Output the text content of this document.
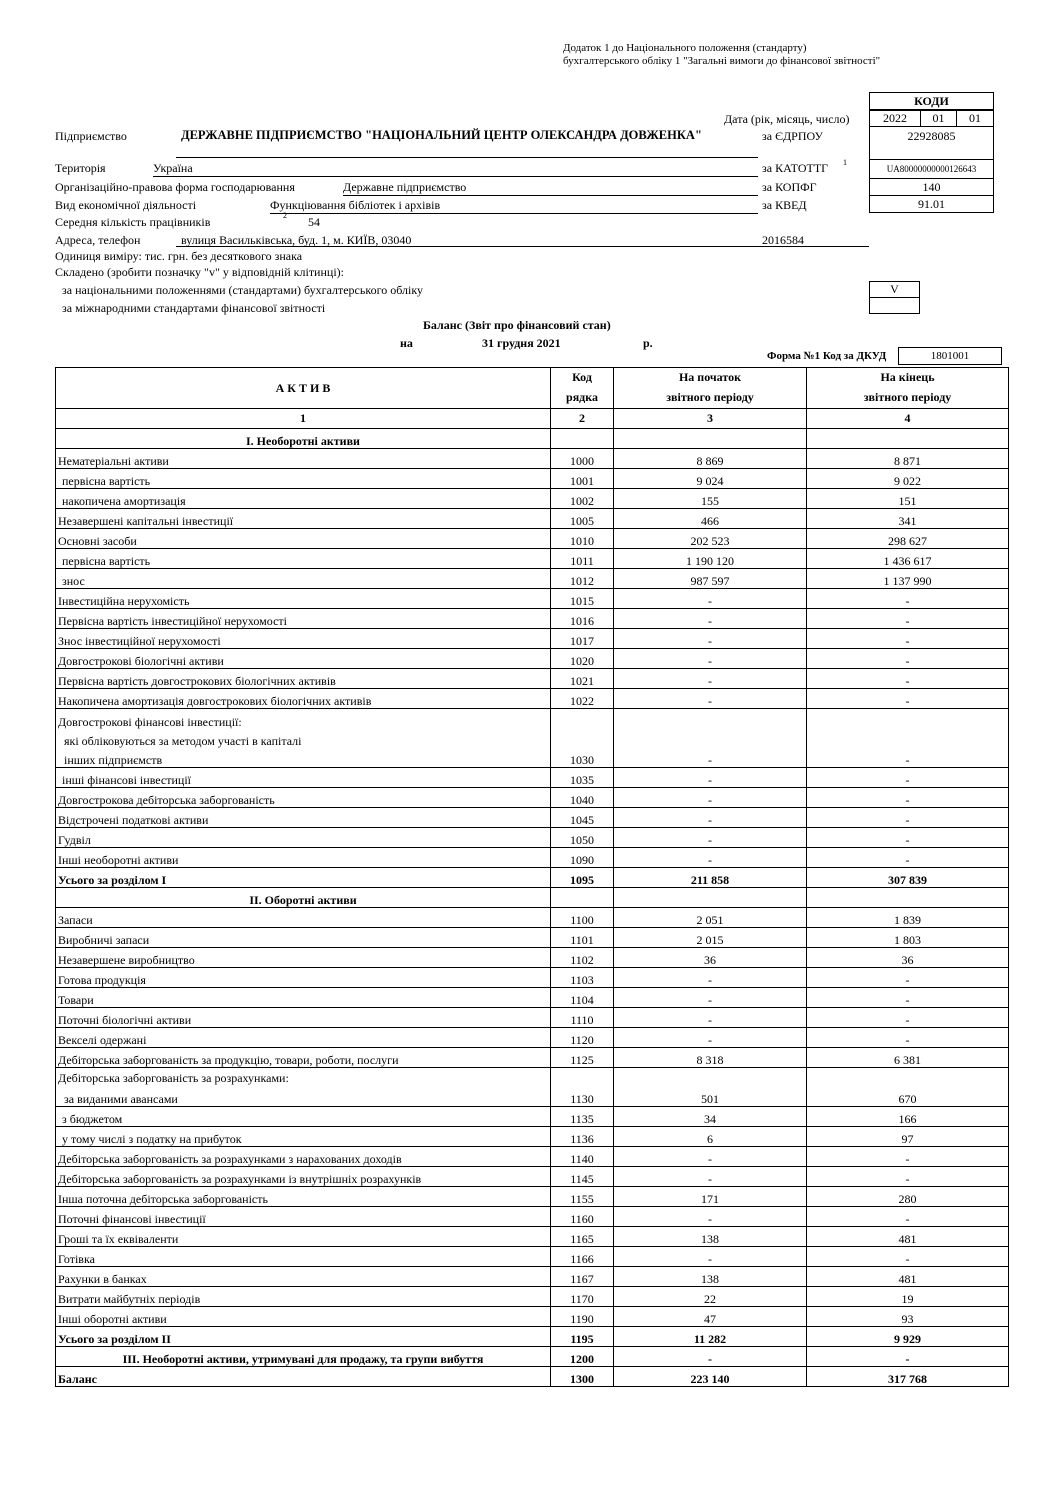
Додаток 1 до Національного положення (стандарту)
бухгалтерського обліку 1 "Загальні вимоги до фінансової звітності"
КОДИ
Дата (рік, місяць, число)	2022	01	01
за ЄДРПОУ	22928085
за КАТОТТГ 1
UA80000000000126643
за КОПФГ	140
за КВЕД	91.01
Підприємство	ДЕРЖАВНЕ ПІДПРИЄМСТВО "НАЦІОНАЛЬНИЙ ЦЕНТР ОЛЕКСАНДРА ДОВЖЕНКА"
Територія	Україна
Організаційно-правова форма господарювання	Державне підприємство
Вид економічної діяльності	Функціювання бібліотек і архівів
Середня кількість працівників	2 54
Адреса, телефон	вулиця Васильківська, буд. 1, м. КИЇВ, 03040	2016584
Одиниця виміру: тис. грн. без десяткового знака
Складено (зробити позначку "v" у відповідній клітинці):
за національними положеннями (стандартами) бухгалтерського обліку	V
за міжнародними стандартами фінансової звітності
Баланс (Звіт про фінансовий стан)
на	31 грудня 2021	р.
Форма №1 Код за ДКУД	1801001
А К Т И В	Код	На початок	На кінець
	рядка	звітного періоду	звітного періоду
1	2	3	4
I. Необоротні активи			
Нематеріальні активи	1000	8 869	8 871
первісна вартість	1001	9 024	9 022
накопичена амортизація	1002	155	151
Незавершені капітальні інвестиції	1005	466	341
Основні засоби	1010	202 523	298 627
первісна вартість	1011	1 190 120	1 436 617
знос	1012	987 597	1 137 990
Інвестиційна нерухомість	1015	-	-
Первісна вартість інвестиційної нерухомості	1016	-	-
Знос інвестиційної нерухомості	1017	-	-
Довгострокові біологічні активи	1020	-	-
Первісна вартість довгострокових біологічних активів	1021	-	-
Накопичена амортизація довгострокових біологічних активів	1022	-	-

Довгострокові фінансові інвестиції:
які обліковуються за методом участі в капіталі
інших підприємств	1030	-	-
інші фінансові інвестиції	1035	-	-
Довгострокова дебіторська заборгованість	1040	-	-
Відстрочені податкові активи	1045	-	-
Гудвіл	1050	-	-
Інші необоротні активи	1090	-	-
Усього за розділом I	1095	211 858	307 839
II. Оборотні активи			
Запаси	1100	2 051	1 839
Виробничі запаси	1101	2 015	1 803
Незавершене виробництво	1102	36	36
Готова продукція	1103	-	-
Товари	1104	-	-
Поточні біологічні активи	1110	-	-
Векселі одержані	1120	-	-
Дебіторська заборгованість за продукцію, товари, роботи, послуги	1125	8 318	6 381

Дебіторська заборгованість за розрахунками:
за виданими авансами	1130	501	670
з бюджетом	1135	34	166
у тому числі з податку на прибуток	1136	6	97
Дебіторська заборгованість за розрахунками з нарахованих доходів	1140	-	-
Дебіторська заборгованість за розрахунками із внутрішніх розрахунків	1145	-	-
Інша поточна дебіторська заборгованість	1155	171	280
Поточні фінансові інвестиції	1160	-	-
Гроші та їх еквіваленти	1165	138	481
Готівка	1166	-	-
Рахунки в банках	1167	138	481
Витрати майбутніх періодів	1170	22	19
Інші оборотні активи	1190	47	93
Усього за розділом II	1195	11 282	9 929
III. Необоротні активи, утримувані для продажу, та групи вибуття	1200	-	-
Баланс	1300	223 140	317 768
